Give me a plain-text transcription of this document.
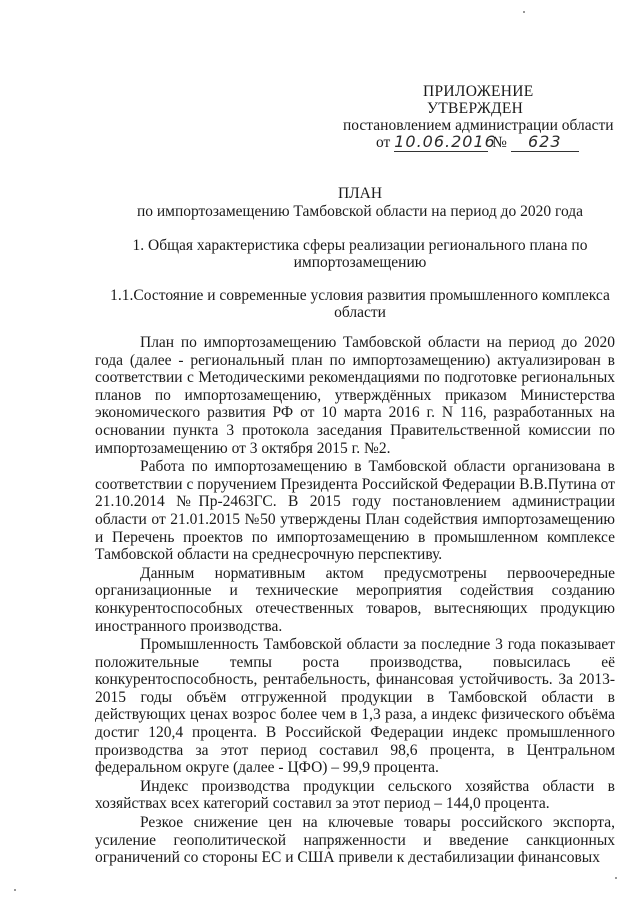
ПРИЛОЖЕНИЕ
УТВЕРЖДЕН
постановлением администрации области
от 10.06.2016 № 623
ПЛАН
по импортозамещению Тамбовской области на период до 2020 года
1. Общая характеристика сферы реализации регионального плана по
импортозамещению
1.1.Состояние и современные условия развития промышленного комплекса
области

План по импортозамещению Тамбовской области на период до 2020 года (далее - региональный план по импортозамещению) актуализирован в соответствии с Методическими рекомендациями по подготовке региональных планов по импортозамещению, утверждённых приказом Министерства экономического развития РФ от 10 марта 2016 г. N 116, разработанных на основании пункта 3 протокола заседания Правительственной комиссии по импортозамещению от 3 октября 2015 г. №2.

Работа по импортозамещению в Тамбовской области организована в соответствии с поручением Президента Российской Федерации В.В.Путина от 21.10.2014 №Пр-2463ГС. В 2015 году постановлением администрации области от 21.01.2015 №50 утверждены План содействия импортозамещению и Перечень проектов по импортозамещению в промышленном комплексе Тамбовской области на среднесрочную перспективу.

Данным нормативным актом предусмотрены первоочередные организационные и технические мероприятия содействия созданию конкурентоспособных отечественных товаров, вытесняющих продукцию иностранного производства.

Промышленность Тамбовской области за последние 3 года показывает положительные темпы роста производства, повысилась её конкурентоспособность, рентабельность, финансовая устойчивость. За 2013-2015 годы объём отгруженной продукции в Тамбовской области в действующих ценах возрос более чем в 1,3 раза, а индекс физического объёма достиг 120,4 процента. В Российской Федерации индекс промышленного производства за этот период составил 98,6 процента, в Центральном федеральном округе (далее - ЦФО) – 99,9 процента.

Индекс производства продукции сельского хозяйства области в хозяйствах всех категорий составил за этот период – 144,0 процента.

Резкое снижение цен на ключевые товары российского экспорта, усиление геополитической напряженности и введение санкционных ограничений со стороны ЕС и США привели к дестабилизации финансовых
